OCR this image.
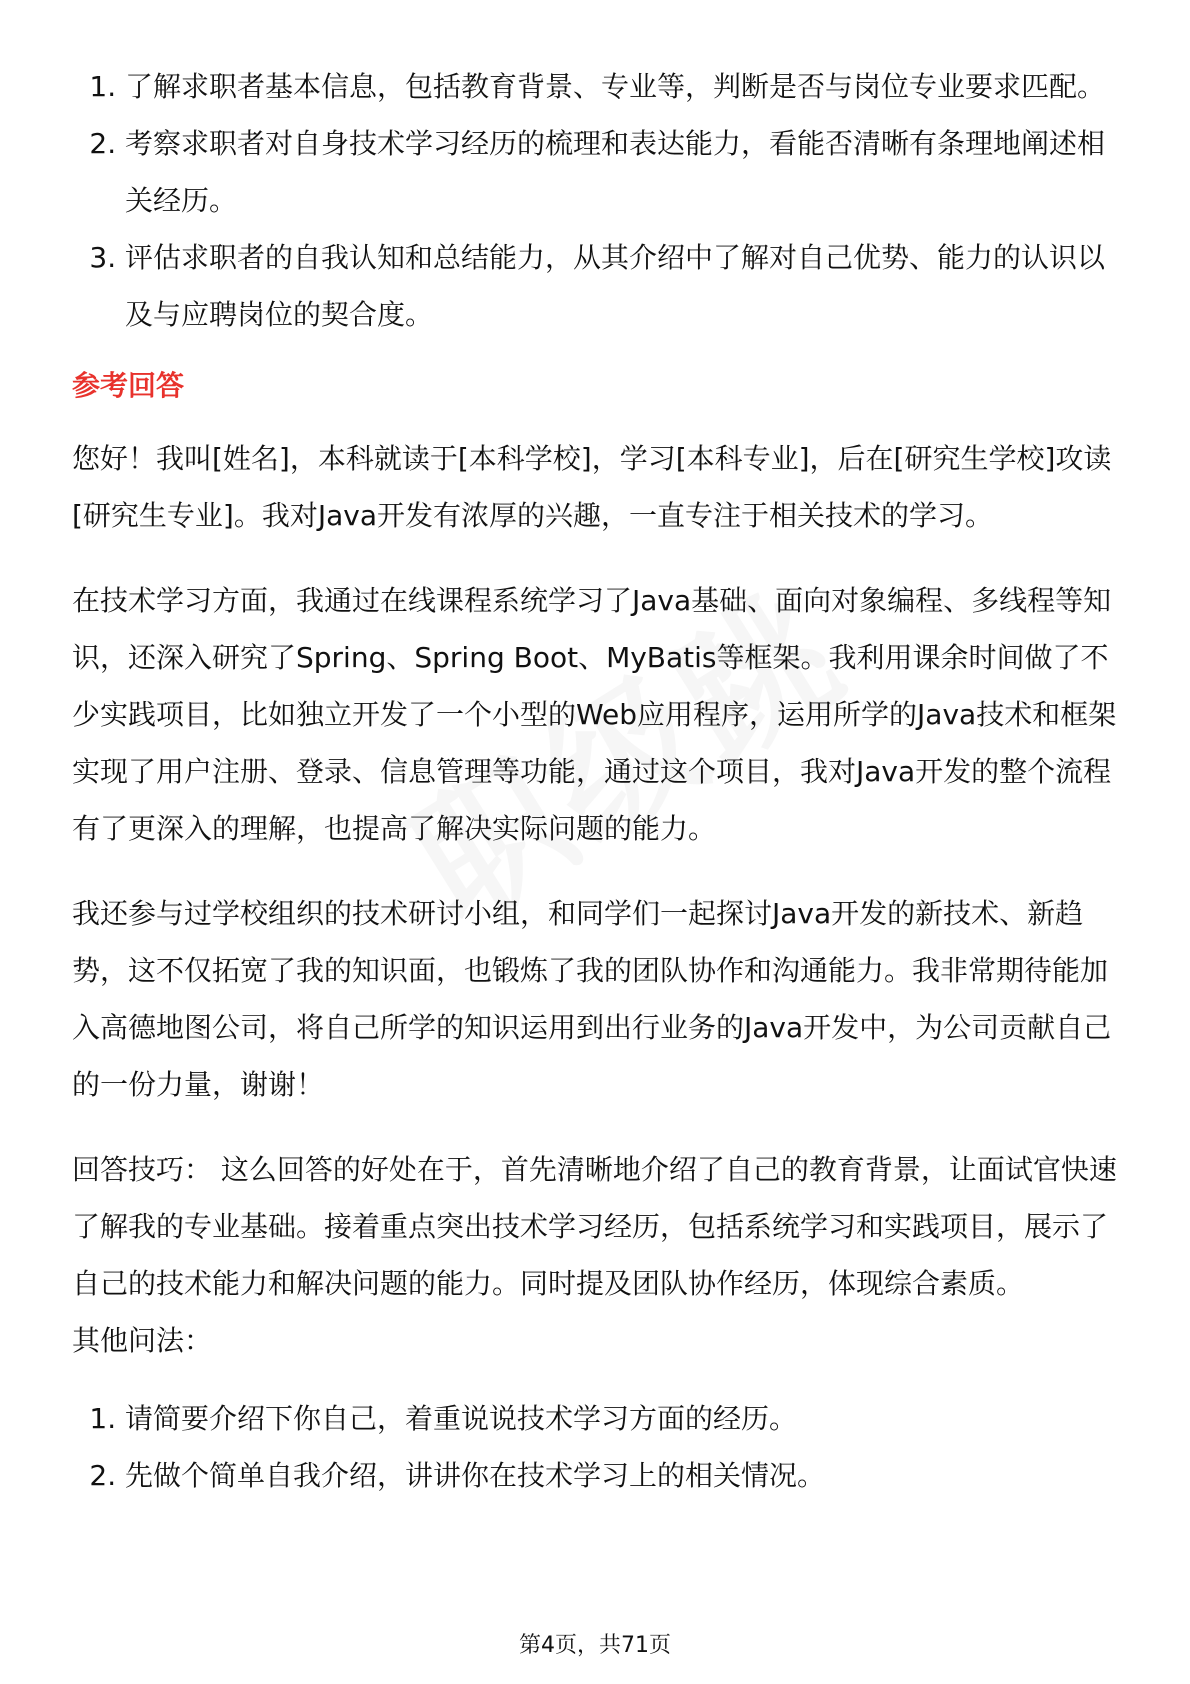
1. 了解求职者基本信息，包括教育背景、专业等，判断是否与岗位专业要求匹配。
2. 考察求职者对自身技术学习经历的梳理和表达能力，看能否清晰有条理地阐述相关经历。
3. 评估求职者的自我认知和总结能力，从其介绍中了解对自己优势、能力的认识以及与应聘岗位的契合度。
参考回答

您好！我叫[姓名]，本科就读于[本科学校]，学习[本科专业]，后在[研究生学校]攻读[研究生专业]。我对Java开发有浓厚的兴趣，一直专注于相关技术的学习。

在技术学习方面，我通过在线课程系统学习了Java基础、面向对象编程、多线程等知识，还深入研究了Spring、Spring Boot、MyBatis等框架。我利用课余时间做了不少实践项目，比如独立开发了一个小型的Web应用程序，运用所学的Java技术和框架实现了用户注册、登录、信息管理等功能，通过这个项目，我对Java开发的整个流程有了更深入的理解，也提高了解决实际问题的能力。

我还参与过学校组织的技术研讨小组，和同学们一起探讨Java开发的新技术、新趋势，这不仅拓宽了我的知识面，也锻炼了我的团队协作和沟通能力。我非常期待能加入高德地图公司，将自己所学的知识运用到出行业务的Java开发中，为公司贡献自己的一份力量，谢谢！

回答技巧： 这么回答的好处在于，首先清晰地介绍了自己的教育背景，让面试官快速了解我的专业基础。接着重点突出技术学习经历，包括系统学习和实践项目，展示了自己的技术能力和解决问题的能力。同时提及团队协作经历，体现综合素质。

其他问法：

1. 请简要介绍下你自己，着重说说技术学习方面的经历。
2. 先做个简单自我介绍，讲讲你在技术学习上的相关情况。
第4页，共71页
